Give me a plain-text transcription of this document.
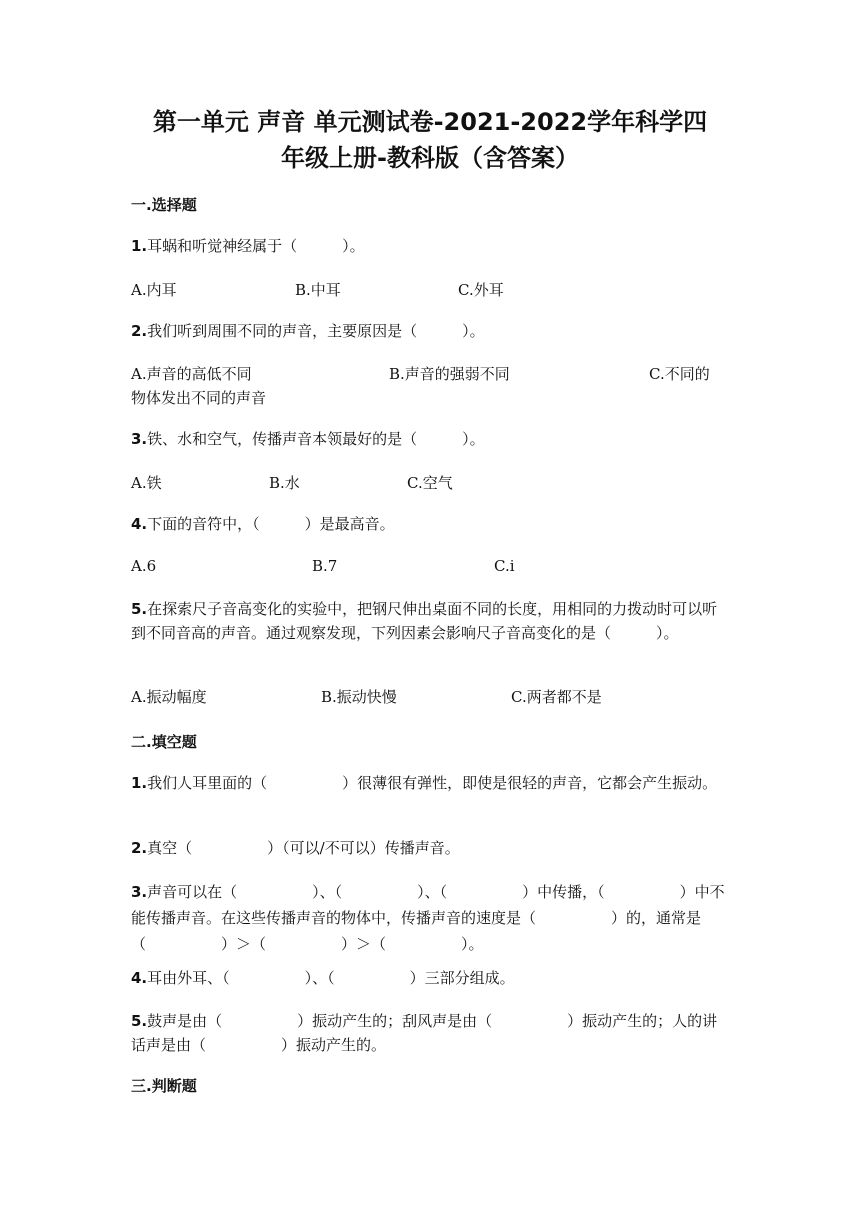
第一单元 声音 单元测试卷-2021-2022学年科学四
年级上册-教科版（含答案）
一.选择题
1.耳蜗和听觉神经属于（　　　）。
A.内耳	B.中耳	C.外耳
2.我们听到周围不同的声音，主要原因是（　　　）。
A.声音的高低不同	B.声音的强弱不同	C.不同的物体发出不同的声音
3.铁、水和空气，传播声音本领最好的是（　　　）。
A.铁	B.水	C.空气
4.下面的音符中，（　　　）是最高音。
A.6	B.7	C.i
5.在探索尺子音高变化的实验中，把钢尺伸出桌面不同的长度，用相同的力拨动时可以听到不同音高的声音。通过观察发现，下列因素会影响尺子音高变化的是（　　　）。
A.振动幅度	B.振动快慢	C.两者都不是
二.填空题
1.我们人耳里面的（　　　　　）很薄很有弹性，即使是很轻的声音，它都会产生振动。
2.真空（　　　　　）（可以/不可以）传播声音。
3.声音可以在（　　　　　）、（　　　　　）、（　　　　　）中传播，（　　　　　）中不能传播声音。在这些传播声音的物体中，传播声音的速度是（　　　　　）的，通常是（　　　　　）＞（　　　　　）＞（　　　　　）。
4.耳由外耳、（　　　　　）、（　　　　　）三部分组成。
5.鼓声是由（　　　　　）振动产生的；刮风声是由（　　　　　）振动产生的；人的讲话声是由（　　　　　）振动产生的。
三.判断题
